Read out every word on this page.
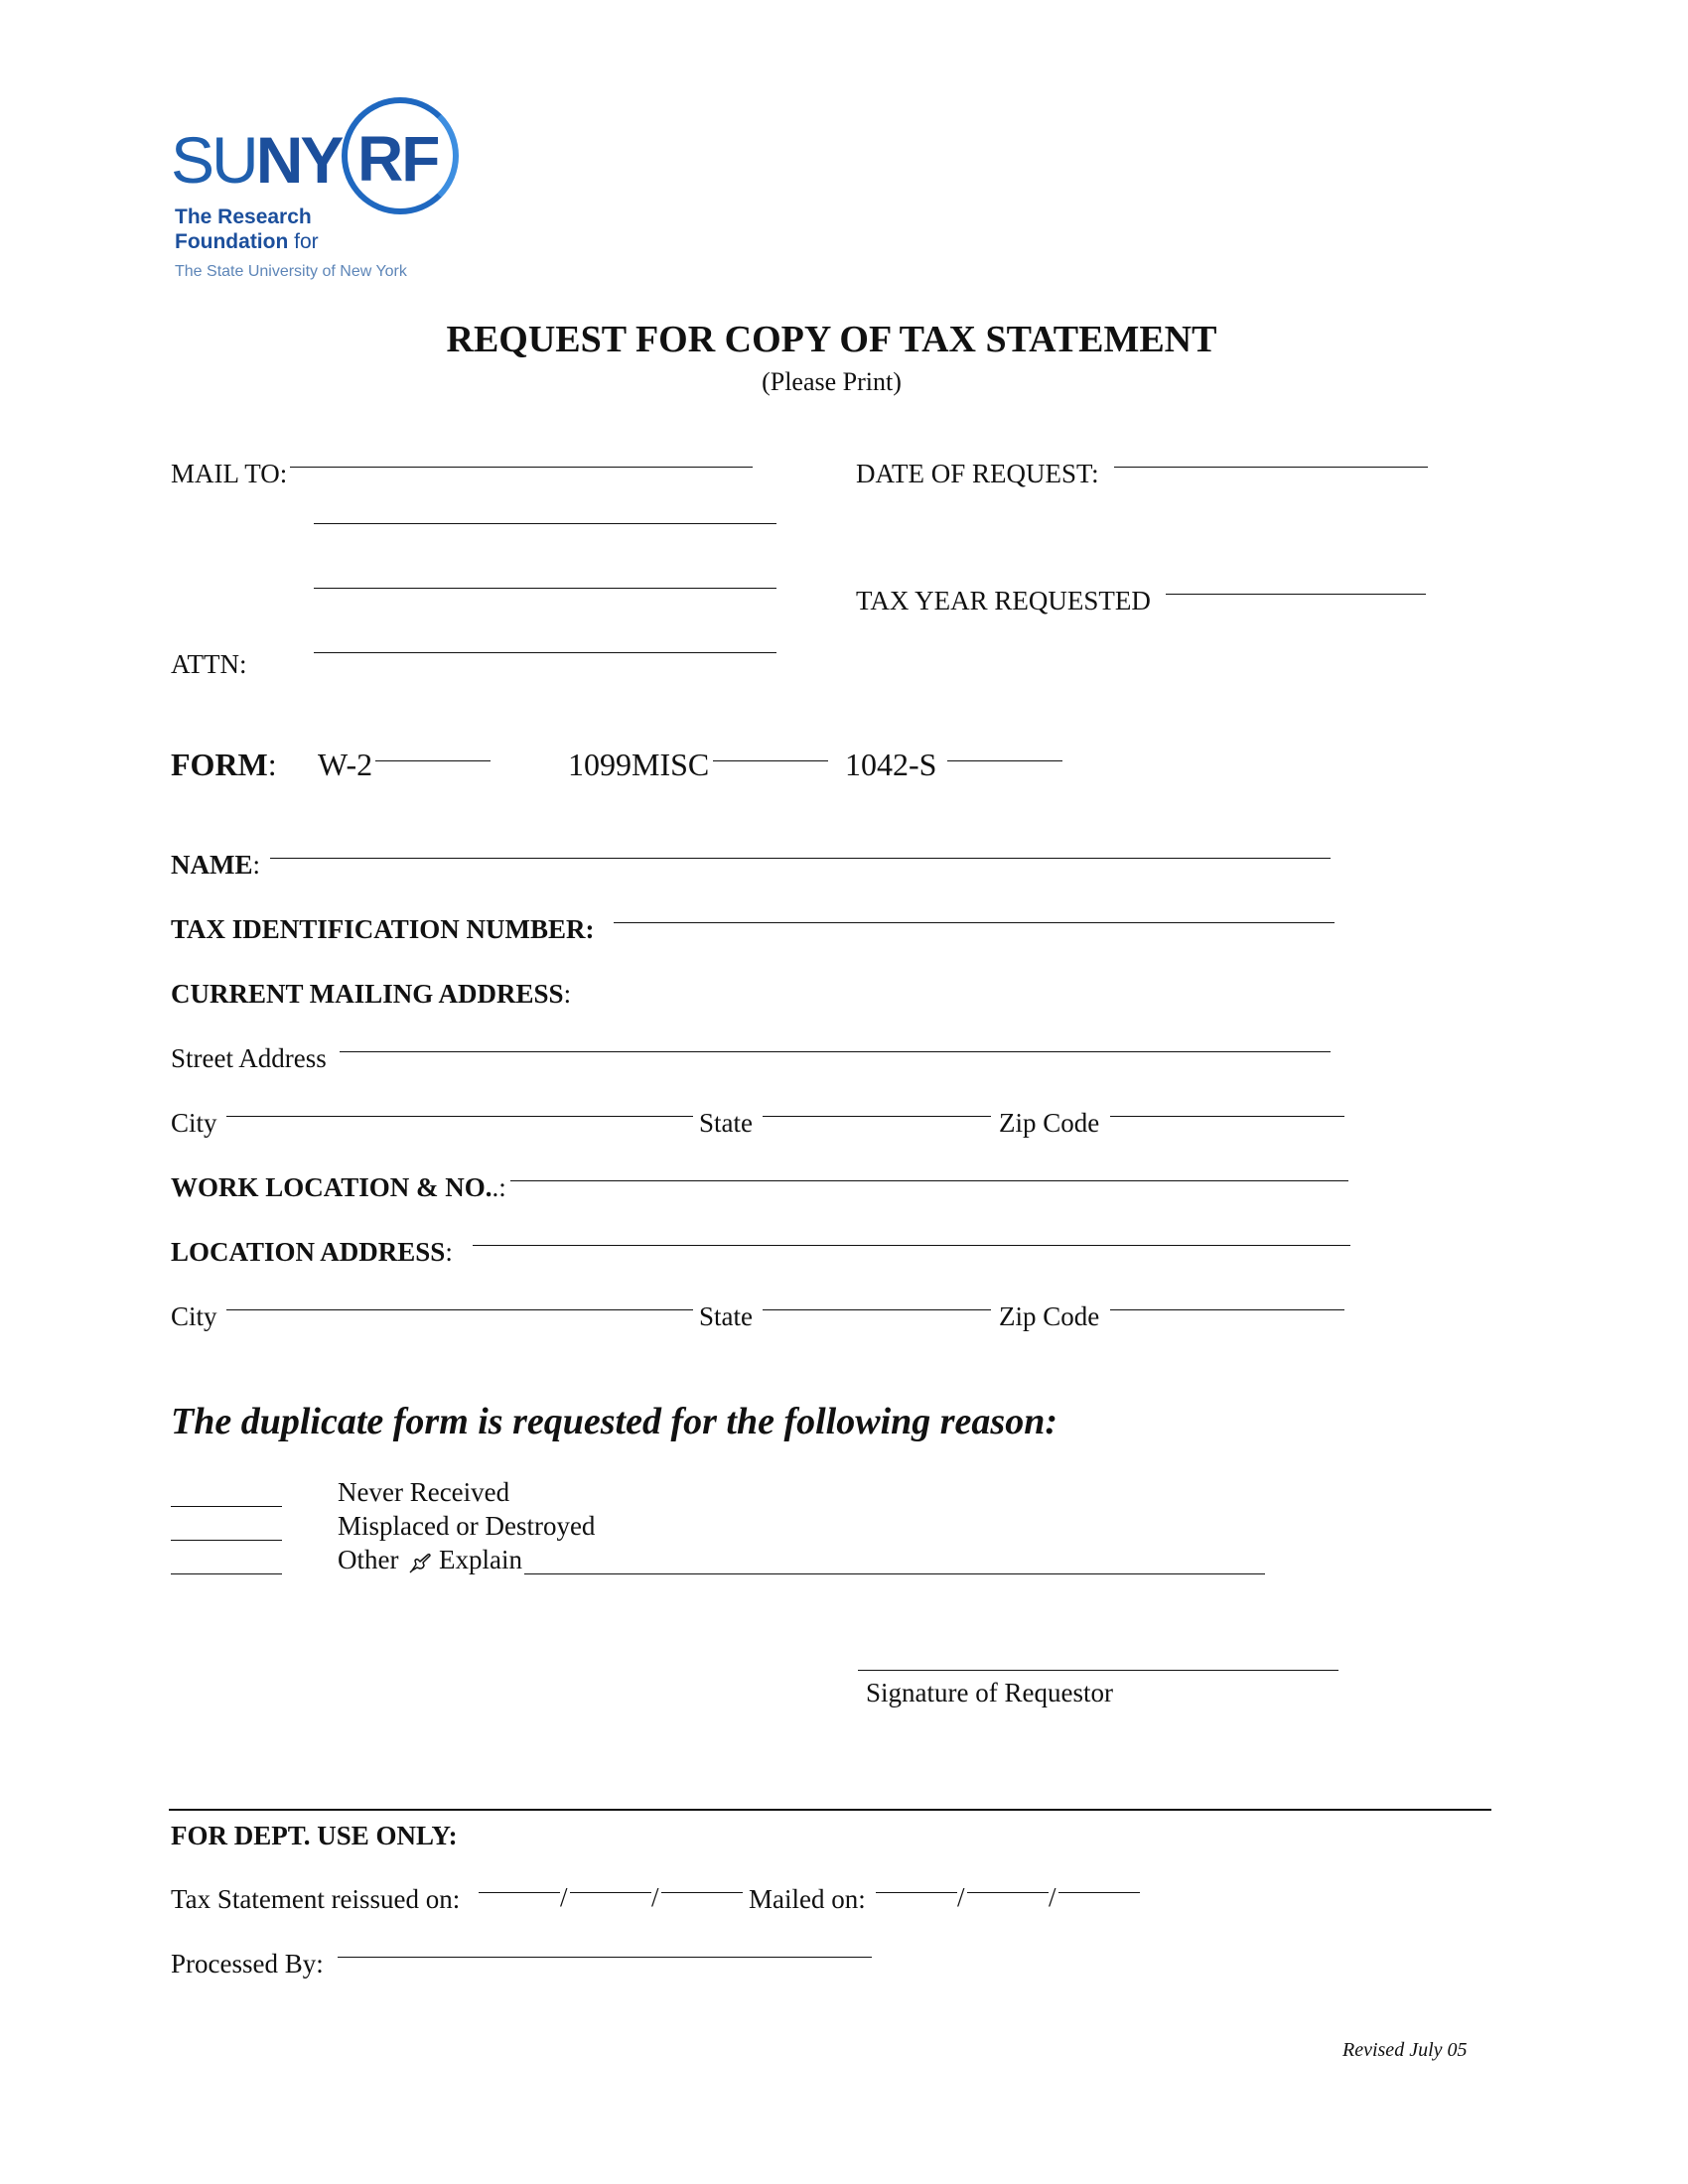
SUNY RF
The Research
Foundation for
The State University of New York
REQUEST FOR COPY OF TAX STATEMENT
(Please Print)
MAIL TO:	DATE OF REQUEST:
TAX YEAR REQUESTED
ATTN:
FORM: W-2	1099MISC	1042-S
NAME:
TAX IDENTIFICATION NUMBER:
CURRENT MAILING ADDRESS:
Street Address
City	State	Zip Code
WORK LOCATION & NO..:
LOCATION ADDRESS:
City	State	Zip Code
The duplicate form is requested for the following reason:
Never Received
Misplaced or Destroyed
Other Explain
Signature of Requestor
FOR DEPT. USE ONLY:
Tax Statement reissued on:	/	/	Mailed on:	/	/
Processed By:
Revised July 05
